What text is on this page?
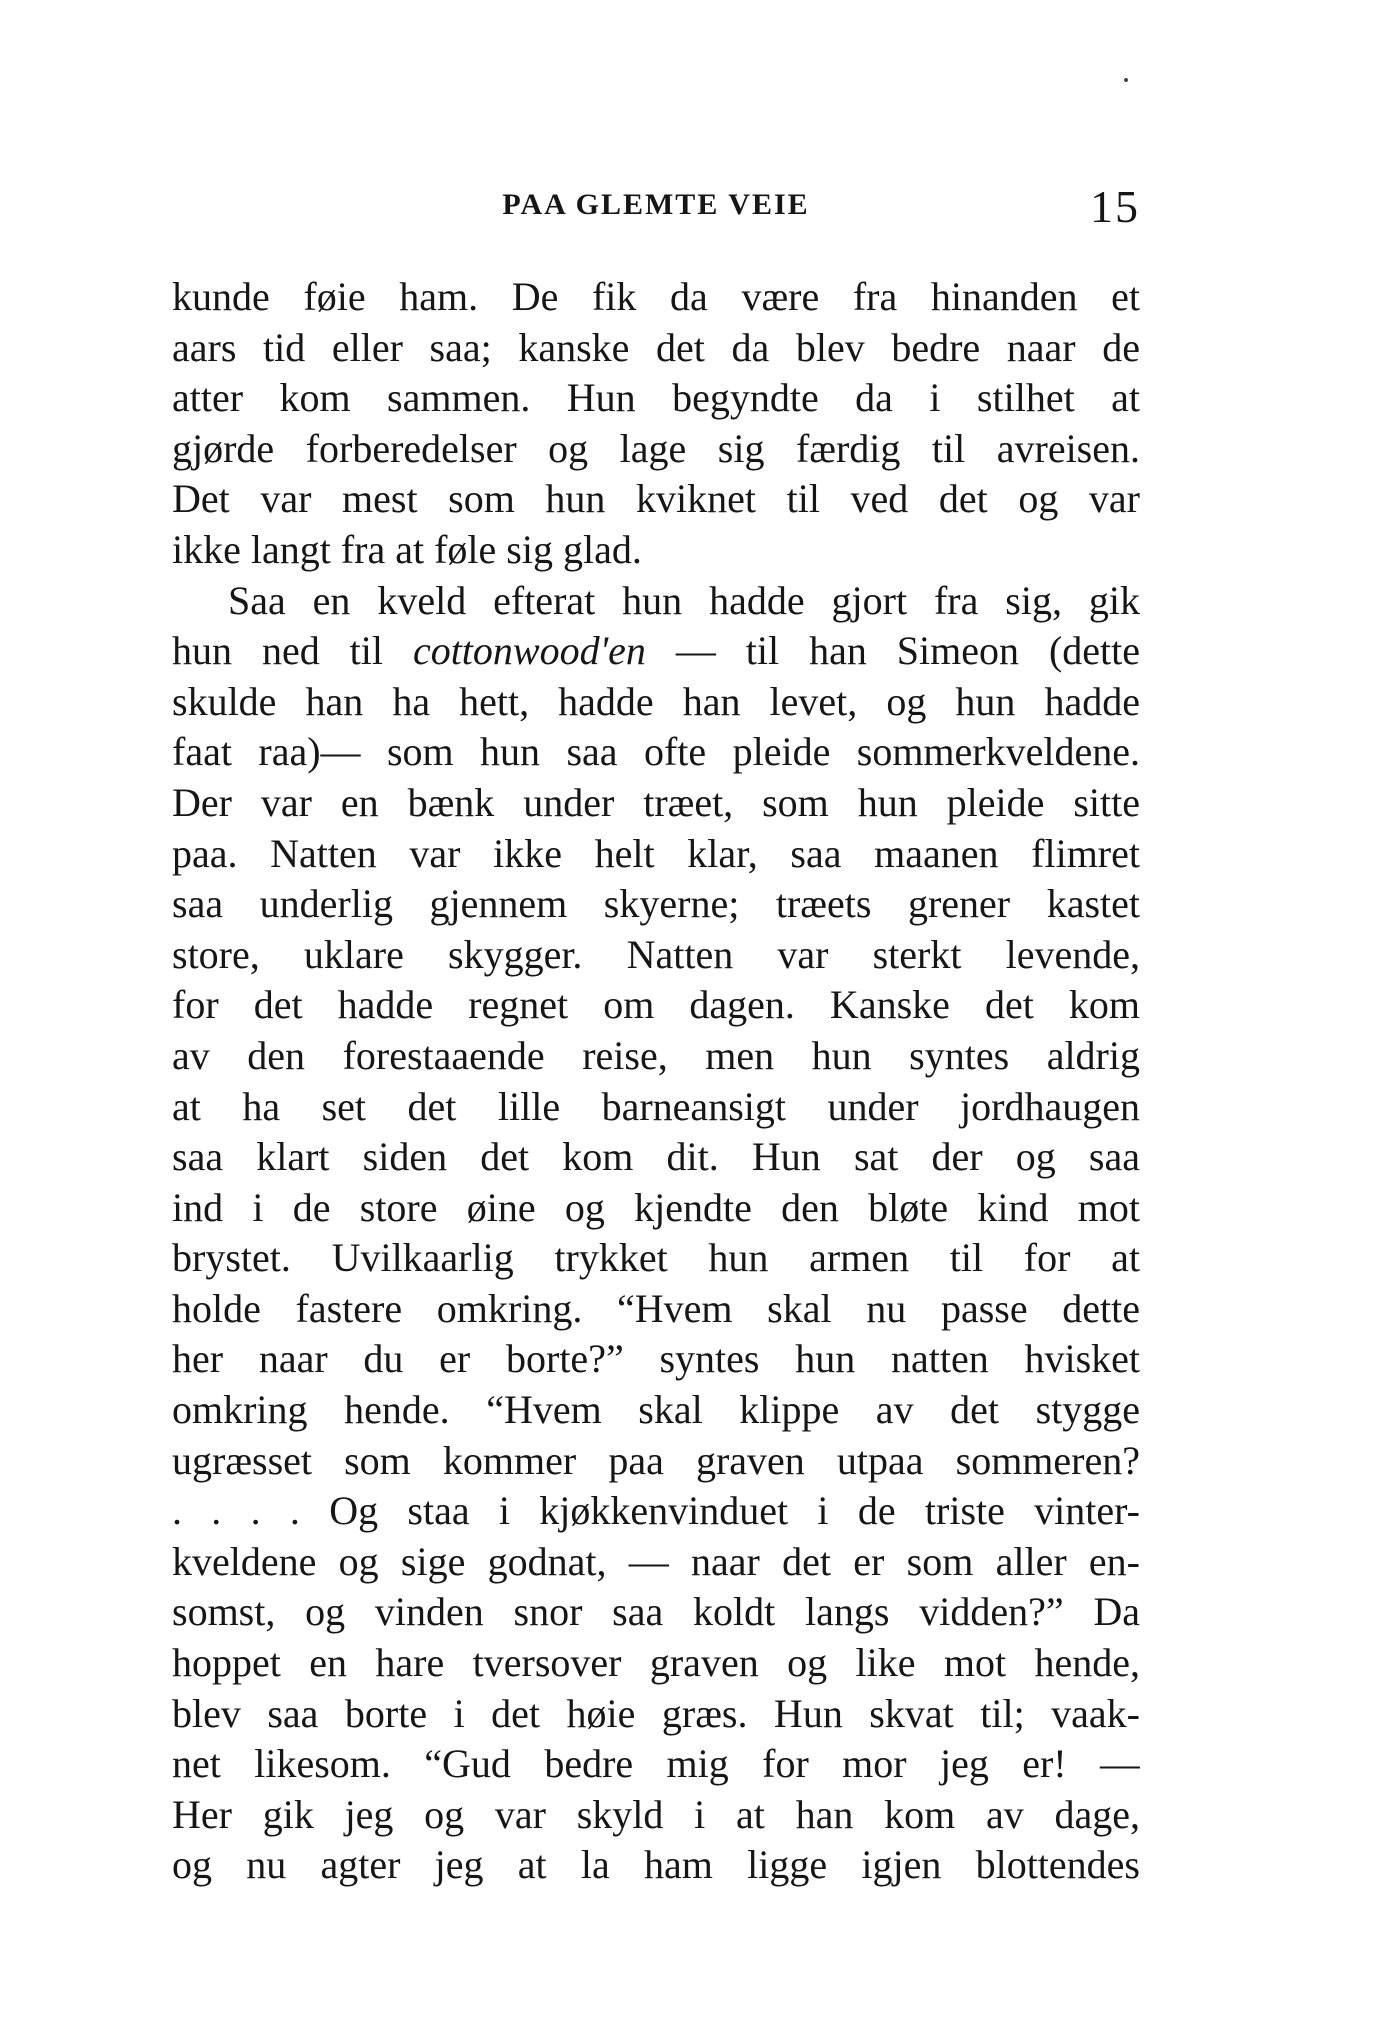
PAA GLEMTE VEIE	15
kunde føie ham. De fik da være fra hinanden et
aars tid eller saa; kanske det da blev bedre naar de
atter kom sammen. Hun begyndte da i stilhet at
gjørde forberedelser og lage sig færdig til avreisen.
Det var mest som hun kviknet til ved det og var
ikke langt fra at føle sig glad.
Saa en kveld efterat hun hadde gjort fra sig, gik
hun ned til cottonwood'en — til han Simeon (dette
skulde han ha hett, hadde han levet, og hun hadde
faat raa)— som hun saa ofte pleide sommerkveldene.
Der var en bænk under træet, som hun pleide sitte
paa. Natten var ikke helt klar, saa maanen flimret
saa underlig gjennem skyerne; træets grener kastet
store, uklare skygger. Natten var sterkt levende,
for det hadde regnet om dagen. Kanske det kom
av den forestaaende reise, men hun syntes aldrig
at ha set det lille barneansigt under jordhaugen
saa klart siden det kom dit. Hun sat der og saa
ind i de store øine og kjendte den bløte kind mot
brystet. Uvilkaarlig trykket hun armen til for at
holde fastere omkring. “Hvem skal nu passe dette
her naar du er borte?” syntes hun natten hvisket
omkring hende. “Hvem skal klippe av det stygge
ugræsset som kommer paa graven utpaa sommeren?
. . . . Og staa i kjøkkenvinduet i de triste vinter-
kveldene og sige godnat, — naar det er som aller en-
somst, og vinden snor saa koldt langs vidden?” Da
hoppet en hare tversover graven og like mot hende,
blev saa borte i det høie græs. Hun skvat til; vaak-
net likesom. “Gud bedre mig for mor jeg er! —
Her gik jeg og var skyld i at han kom av dage,
og nu agter jeg at la ham ligge igjen blottendes
